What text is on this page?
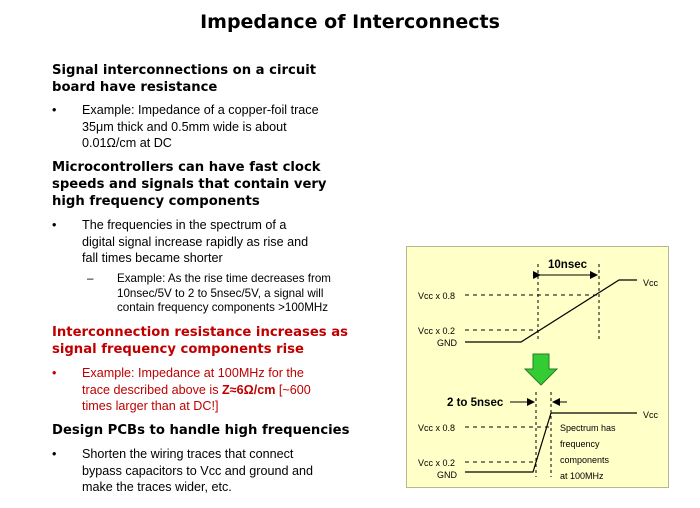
Impedance of Interconnects
Signal interconnections on a circuit
board have resistance
• Example: Impedance of a copper-foil trace
35μm thick and 0.5mm wide is about
0.01Ω/cm at DC
Microcontrollers can have fast clock
speeds and signals that contain very
high frequency components
• The frequencies in the spectrum of a
digital signal increase rapidly as rise and
fall times became shorter
– Example: As the rise time decreases from
10nsec/5V to 2 to 5nsec/5V, a signal will
contain frequency components >100MHz
Interconnection resistance increases as
signal frequency components rise
• Example: Impedance at 100MHz for the
trace described above is Z≈6Ω/cm [~600
times larger than at DC!]
Design PCBs to handle high frequencies
• Shorten the wiring traces that connect
bypass capacitors to Vcc and ground and
make the traces wider, etc.
10nsec
Vcc x 0.8
Vcc x 0.2
GND
Vcc
2 to 5nsec
Vcc x 0.8
Vcc x 0.2
GND
Vcc
Spectrum has
frequency
components
at 100MHz
